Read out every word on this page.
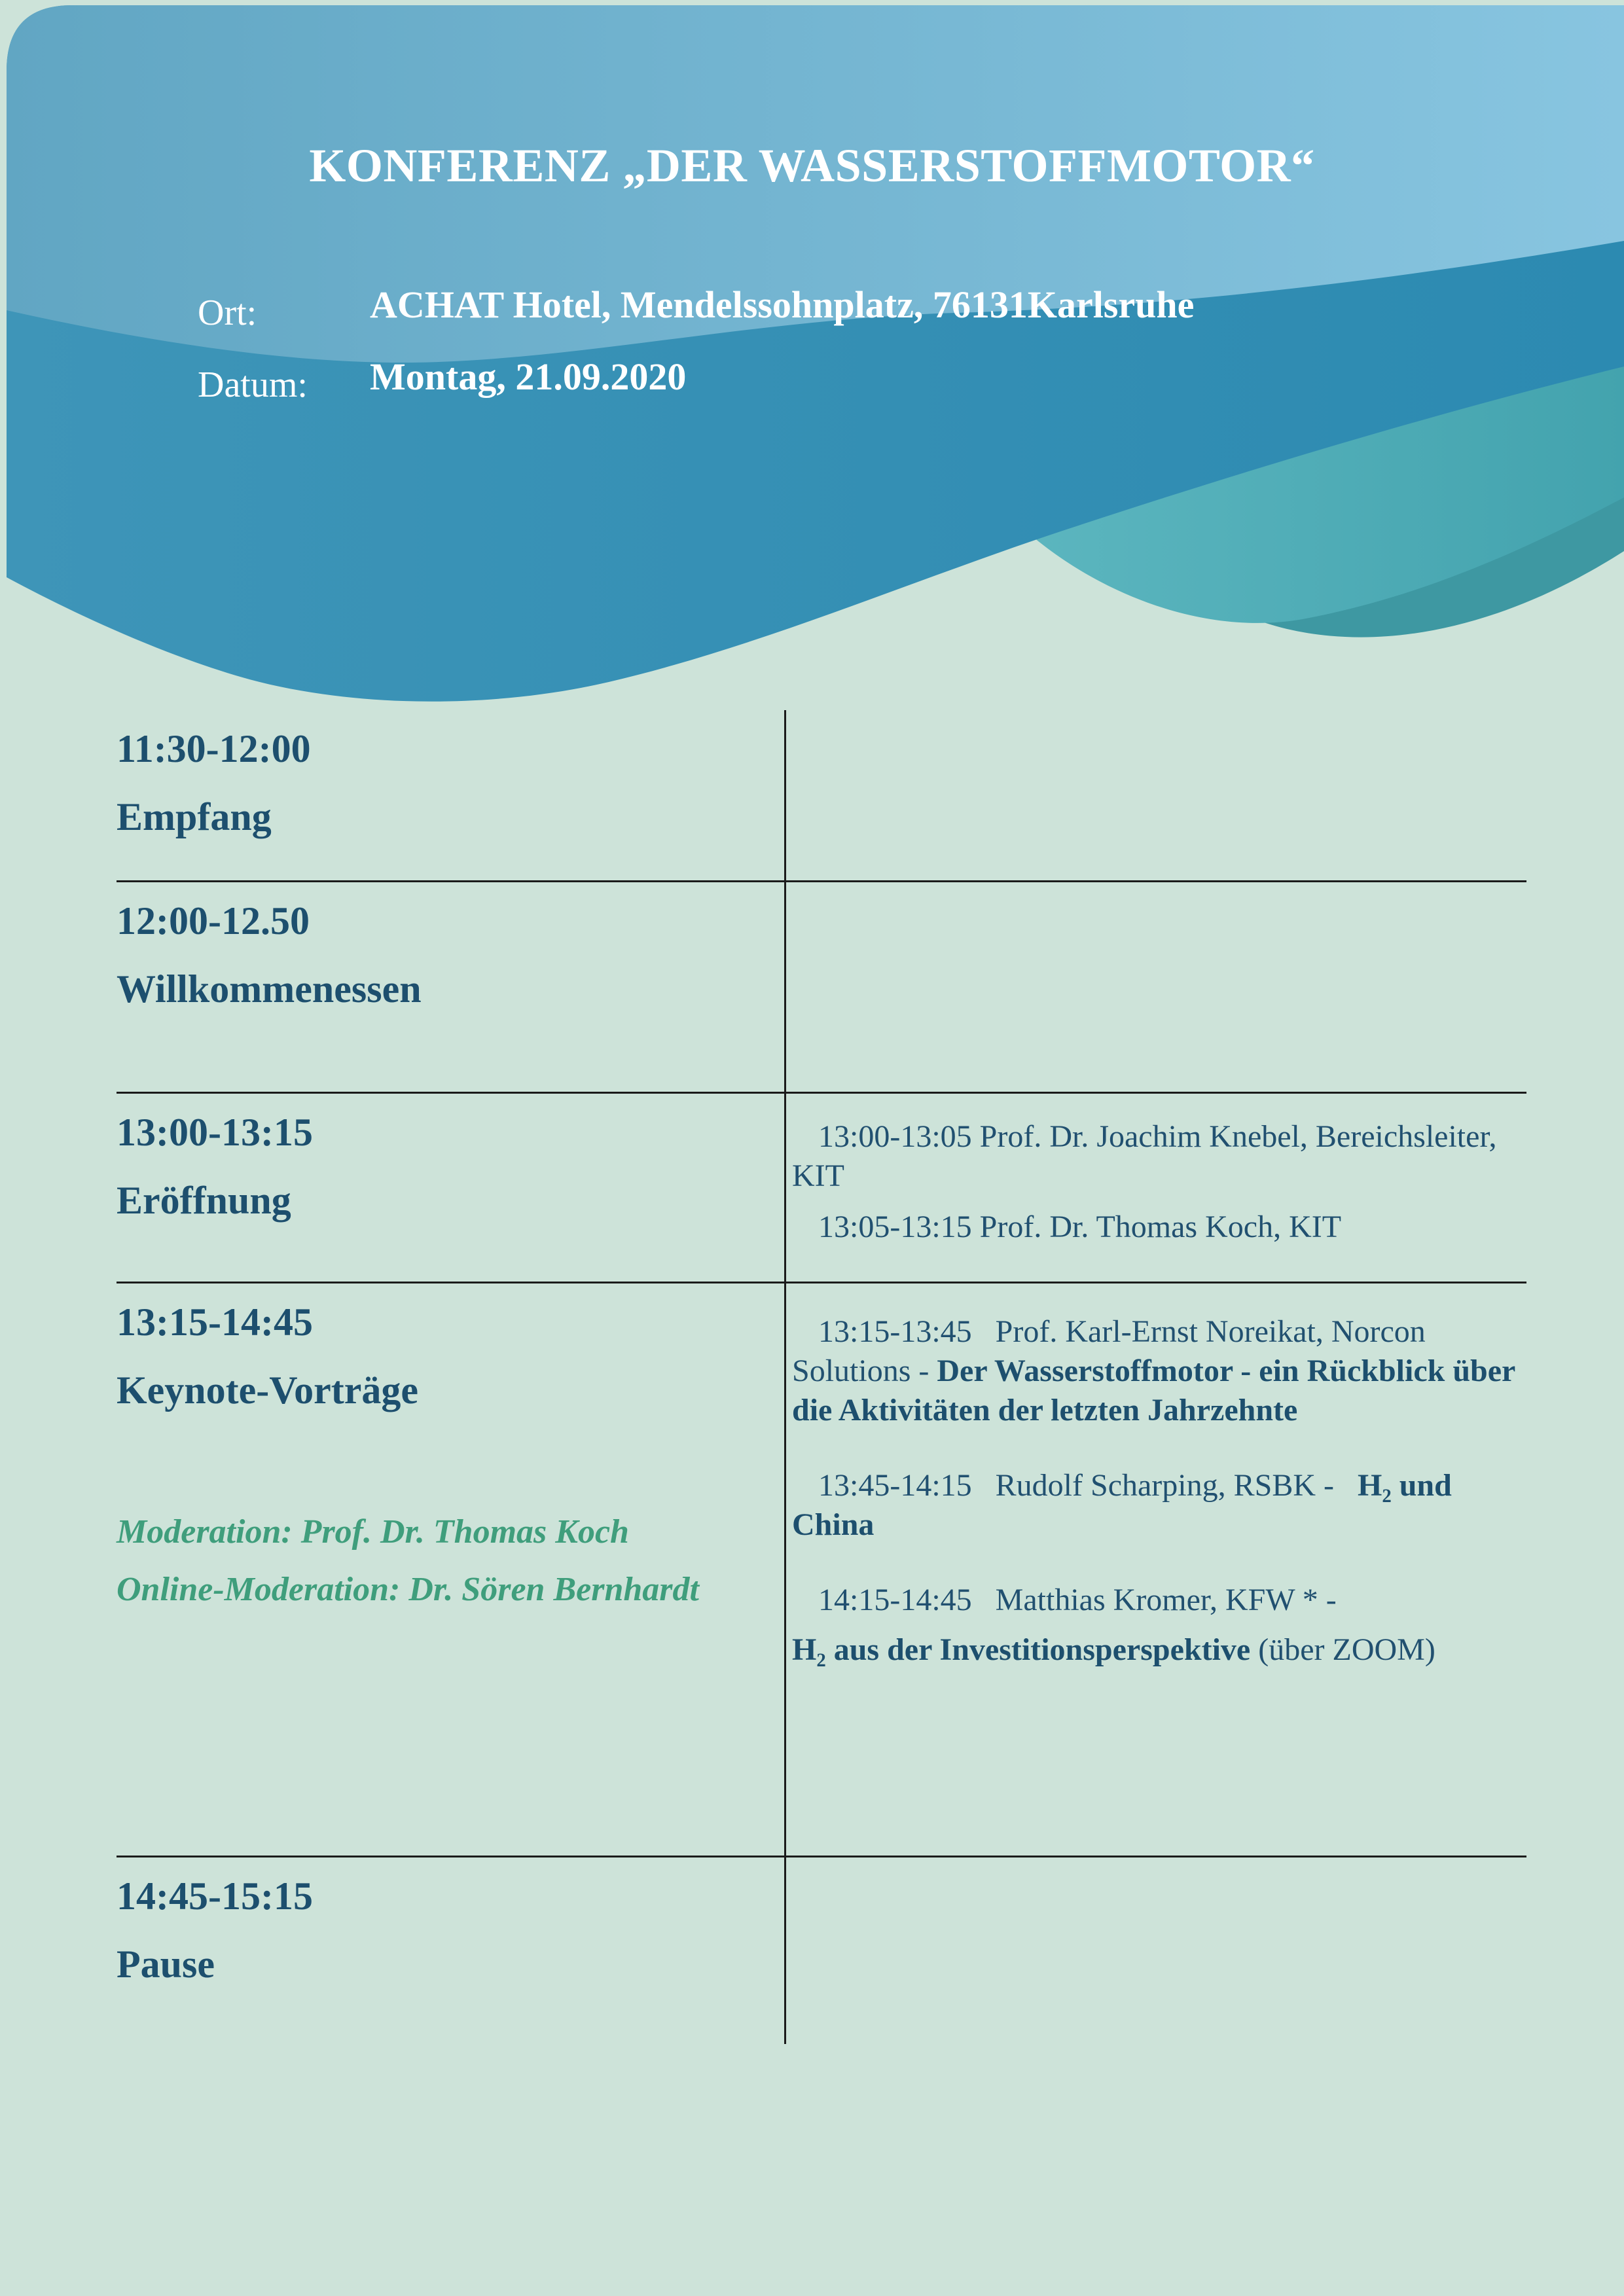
KONFERENZ „DER WASSERSTOFFMOTOR“
Ort:	ACHAT Hotel, Mendelssohnplatz, 76131Karlsruhe
Datum: Montag, 21.09.2020
11:30-12:00
Empfang
12:00-12.50
Willkommenessen
13:00-13:15
Eröffnung

13:00-13:05 Prof. Dr. Joachim Knebel, Bereichsleiter, KIT

13:05-13:15 Prof. Dr. Thomas Koch, KIT

13:15-14:45
Keynote-Vorträge
Moderation: Prof. Dr. Thomas Koch
Online-Moderation: Dr. Sören Bernhardt

13:15-13:45   Prof. Karl-Ernst Noreikat, Norcon Solutions - Der Wasserstoffmotor - ein Rückblick über die Aktivitäten der letzten Jahrzehnte

13:45-14:15   Rudolf Scharping, RSBK -   H₂ und China

14:15-14:45   Matthias Kromer, KFW * -

H₂ aus der Investitionsperspektive (über ZOOM)

14:45-15:15
Pause
